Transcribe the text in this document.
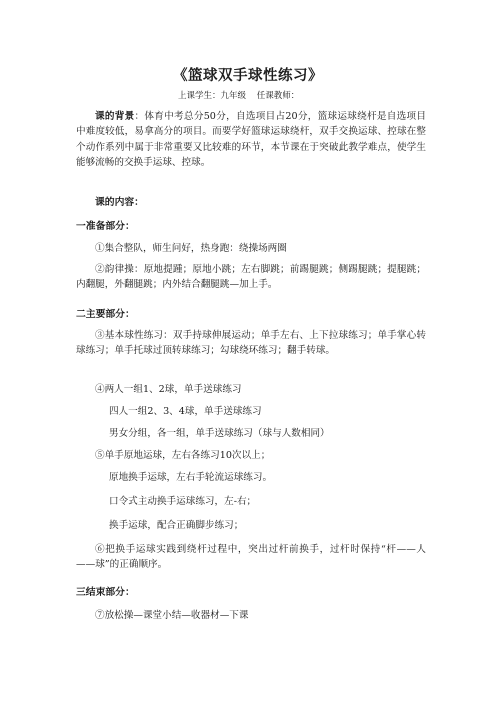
《篮球双手球性练习》
上课学生：九年级    任课教师：
课的背景：体育中考总分50分，自选项目占20分，篮球运球绕杆是自选项目中难度较低，易拿高分的项目。而要学好篮球运球绕杆，双手交换运球、控球在整个动作系列中属于非常重要又比较难的环节，本节课在于突破此教学难点，使学生能够流畅的交换手运球、控球。
课的内容：
一准备部分：
①集合整队，师生问好，热身跑：绕操场两圈
②韵律操：原地提踵；原地小跳；左右脚跳；前踢腿跳；侧踢腿跳；提腿跳；内翻腿，外翻腿跳；内外结合翻腿跳—加上手。
二主要部分：
③基本球性练习：双手持球伸展运动；单手左右、上下拉球练习；单手掌心转球练习；单手托球过顶转球练习；勾球绕环练习；翻手转球。
④两人一组1、2球，单手送球练习
四人一组2、3、4球，单手送球练习
男女分组，各一组，单手送球练习（球与人数相同）
⑤单手原地运球，左右各练习10次以上；
原地换手运球，左右手轮流运球练习。
口令式主动换手运球练习，左-右；
换手运球，配合正确脚步练习；
⑥把换手运球实践到绕杆过程中，突出过杆前换手，过杆时保持“杆——人——球”的正确顺序。
三结束部分：
⑦放松操—课堂小结—收器材—下课
